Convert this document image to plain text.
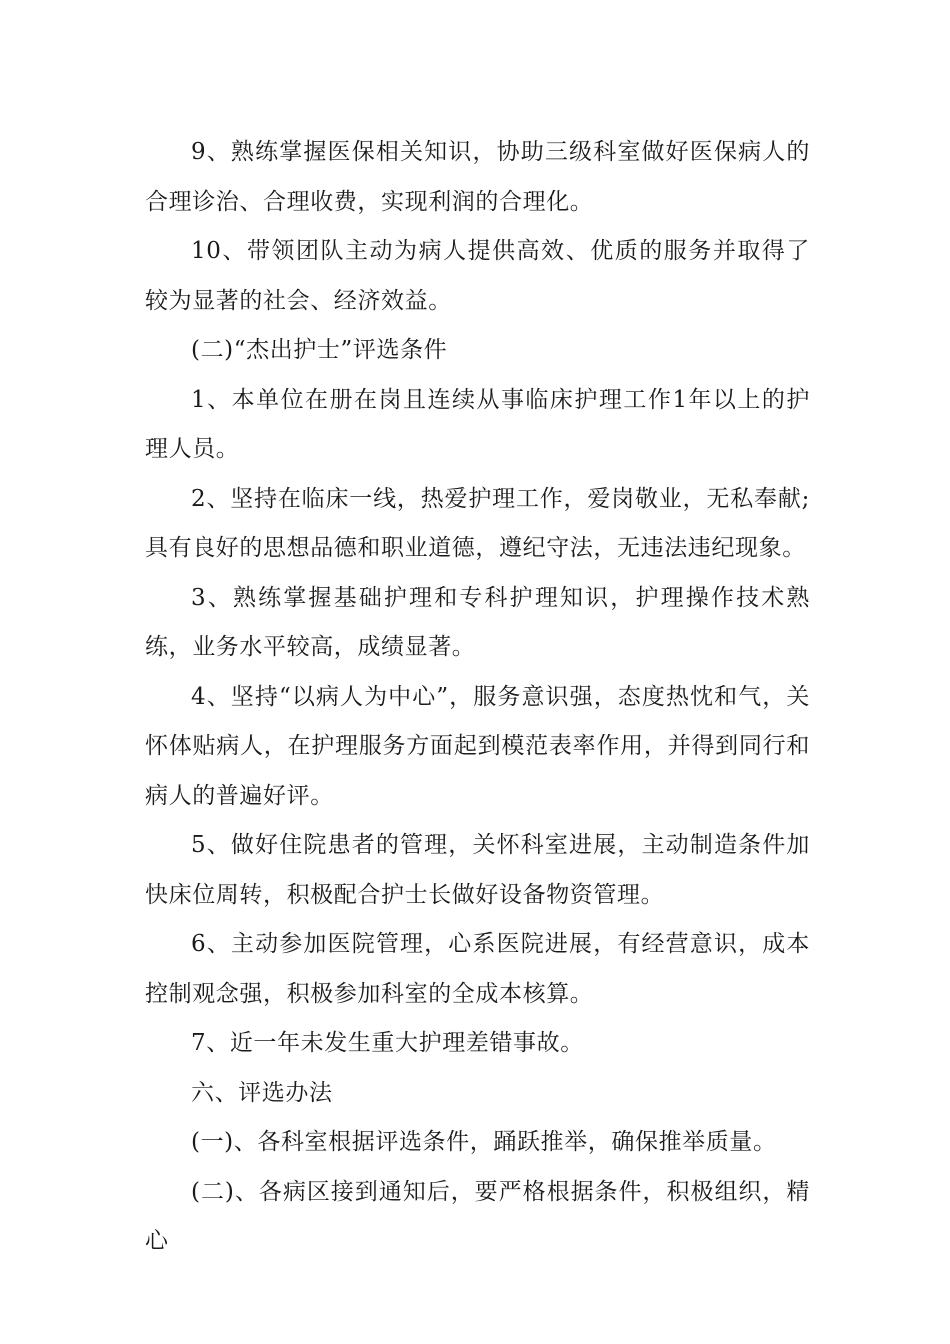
9、熟练掌握医保相关知识，协助三级科室做好医保病人的合理诊治、合理收费，实现利润的合理化。

10、带领团队主动为病人提供高效、优质的服务并取得了较为显著的社会、经济效益。

(二)“杰出护士”评选条件

1、本单位在册在岗且连续从事临床护理工作1年以上的护理人员。

2、坚持在临床一线，热爱护理工作，爱岗敬业，无私奉献;具有良好的思想品德和职业道德，遵纪守法，无违法违纪现象。

3、熟练掌握基础护理和专科护理知识，护理操作技术熟练，业务水平较高，成绩显著。

4、坚持“以病人为中心”，服务意识强，态度热忱和气，关怀体贴病人，在护理服务方面起到模范表率作用，并得到同行和病人的普遍好评。

5、做好住院患者的管理，关怀科室进展，主动制造条件加快床位周转，积极配合护士长做好设备物资管理。

6、主动参加医院管理，心系医院进展，有经营意识，成本控制观念强，积极参加科室的全成本核算。

7、近一年未发生重大护理差错事故。

六、评选办法

(一)、各科室根据评选条件，踊跃推举，确保推举质量。

(二)、各病区接到通知后，要严格根据条件，积极组织，精心
